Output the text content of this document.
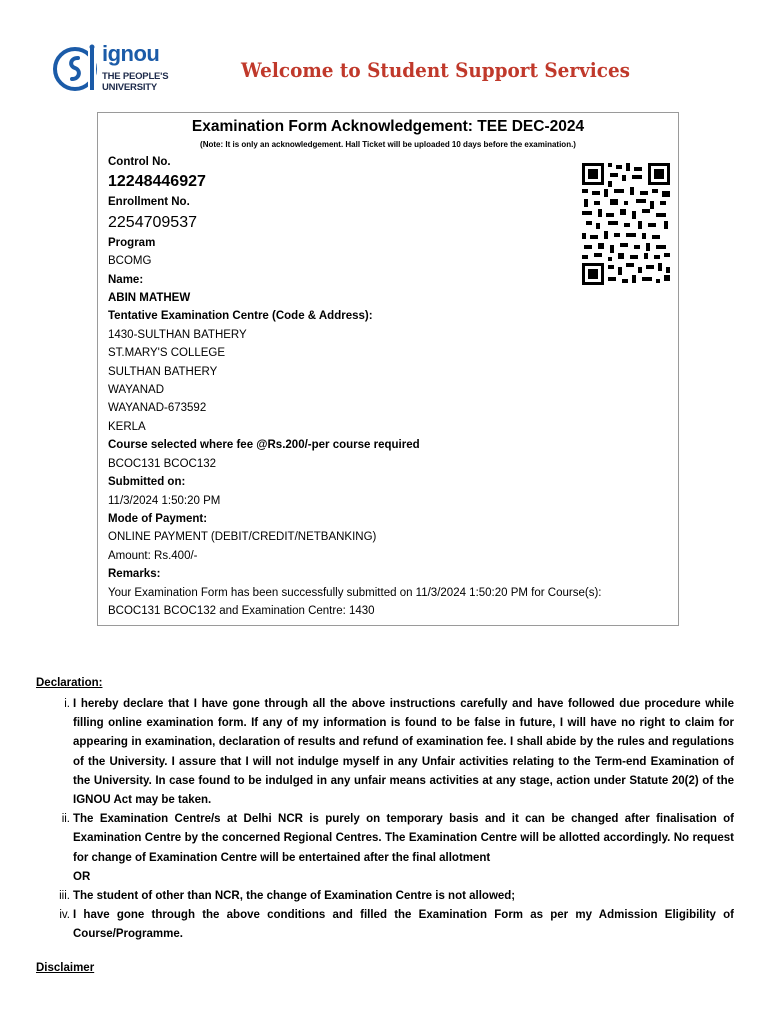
ignou
THE PEOPLE'S
UNIVERSITY
Welcome to Student Support Services
Examination Form Acknowledgement: TEE DEC-2024
(Note: It is only an acknowledgement. Hall Ticket will be uploaded 10 days before the examination.)
Control No.
12248446927
Enrollment No.
2254709537
Program
BCOMG
Name:
ABIN MATHEW
Tentative Examination Centre (Code & Address):
1430-SULTHAN BATHERY
ST.MARY'S COLLEGE
SULTHAN BATHERY
WAYANAD
WAYANAD-673592
KERLA
Course selected where fee @Rs.200/-per course required
BCOC131 BCOC132
Submitted on:
11/3/2024 1:50:20 PM
Mode of Payment:
ONLINE PAYMENT (DEBIT/CREDIT/NETBANKING)
Amount: Rs.400/-
Remarks:
Your Examination Form has been successfully submitted on 11/3/2024 1:50:20 PM for Course(s):
BCOC131 BCOC132 and Examination Centre: 1430
Declaration:
i. I hereby declare that I have gone through all the above instructions carefully and have followed due procedure while filling online examination form. If any of my information is found to be false in future, I will have no right to claim for appearing in examination, declaration of results and refund of examination fee. I shall abide by the rules and regulations of the University. I assure that I will not indulge myself in any Unfair activities relating to the Term-end Examination of the University. In case found to be indulged in any unfair means activities at any stage, action under Statute 20(2) of the IGNOU Act may be taken.

ii. The Examination Centre/s at Delhi NCR is purely on temporary basis and it can be changed after finalisation of Examination Centre by the concerned Regional Centres. The Examination Centre will be allotted accordingly. No request for change of Examination Centre will be entertained after the final allotment

OR

iii. The student of other than NCR, the change of Examination Centre is not allowed;

iv. I have gone through the above conditions and filled the Examination Form as per my Admission Eligibility of Course/Programme.

Disclaimer
